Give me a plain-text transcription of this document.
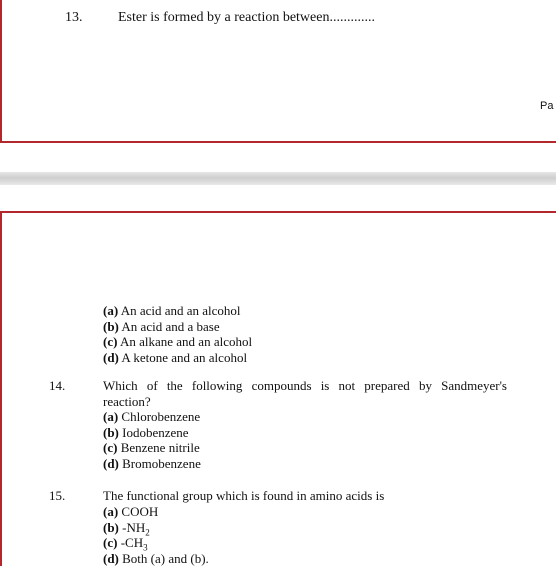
13.	Ester is formed by a reaction between.............
Pa
(a) An acid and an alcohol
(b) An acid and a base
(c) An alkane and an alcohol
(d) A ketone and an alcohol
14.	Which of the following compounds is not prepared by Sandmeyer's
reaction?
(a) Chlorobenzene
(b) Iodobenzene
(c) Benzene nitrile
(d) Bromobenzene
15.	The functional group which is found in amino acids is
(a) COOH
(b) $-NH_2$
(c) $-CH_3$
(d) Both (a) and (b).
